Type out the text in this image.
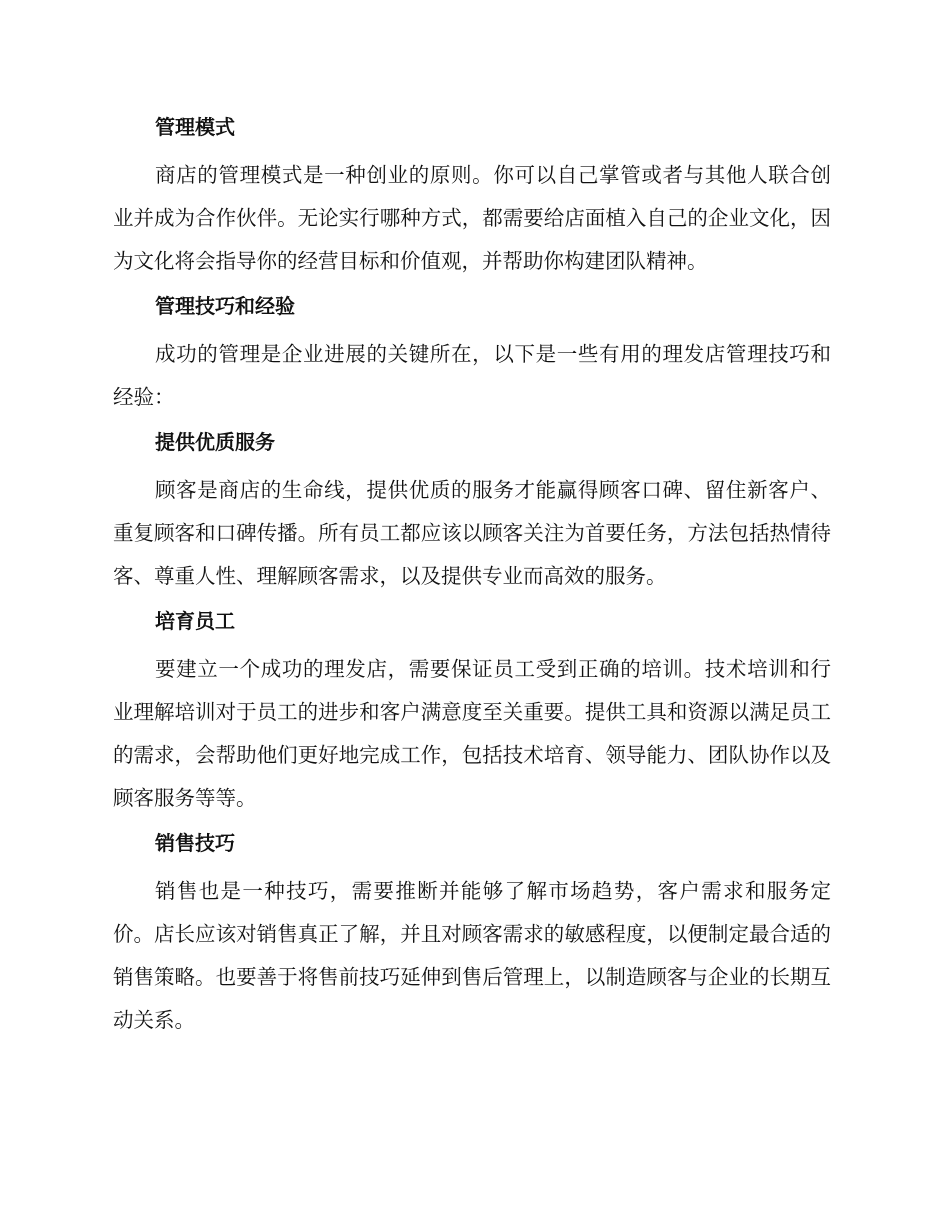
管理模式

商店的管理模式是一种创业的原则。你可以自己掌管或者与其他人联合创业并成为合作伙伴。无论实行哪种方式，都需要给店面植入自己的企业文化，因为文化将会指导你的经营目标和价值观，并帮助你构建团队精神。

管理技巧和经验

成功的管理是企业进展的关键所在，以下是一些有用的理发店管理技巧和经验：

提供优质服务

顾客是商店的生命线，提供优质的服务才能赢得顾客口碑、留住新客户、重复顾客和口碑传播。所有员工都应该以顾客关注为首要任务，方法包括热情待客、尊重人性、理解顾客需求，以及提供专业而高效的服务。

培育员工

要建立一个成功的理发店，需要保证员工受到正确的培训。技术培训和行业理解培训对于员工的进步和客户满意度至关重要。提供工具和资源以满足员工的需求，会帮助他们更好地完成工作，包括技术培育、领导能力、团队协作以及顾客服务等等。

销售技巧

销售也是一种技巧，需要推断并能够了解市场趋势，客户需求和服务定价。店长应该对销售真正了解，并且对顾客需求的敏感程度，以便制定最合适的销售策略。也要善于将售前技巧延伸到售后管理上，以制造顾客与企业的长期互动关系。
